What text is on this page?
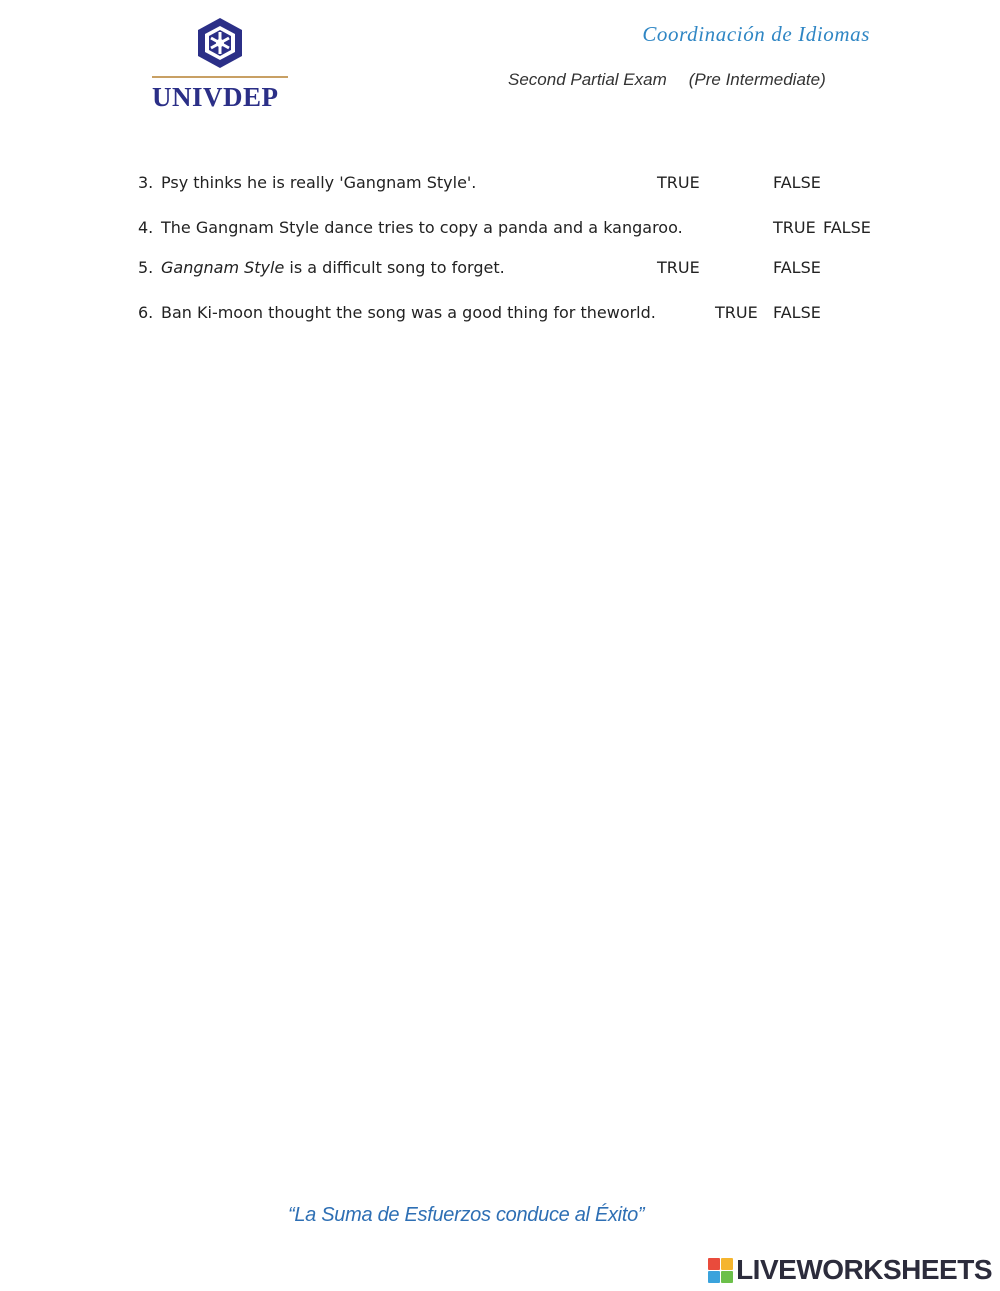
UNIVDEP
Coordinación de Idiomas
Second Partial Exam (Pre Intermediate)
3. Psy thinks he is really 'Gangnam Style'.	TRUE	FALSE
4. The Gangnam Style dance tries to copy a panda and a kangaroo.	TRUE FALSE
5. Gangnam Style is a difficult song to forget.	TRUE	FALSE
6. Ban Ki-moon thought the song was a good thing for theworld.	TRUE FALSE
“La Suma de Esfuerzos conduce al Éxito”
LIVEWORKSHEETS
